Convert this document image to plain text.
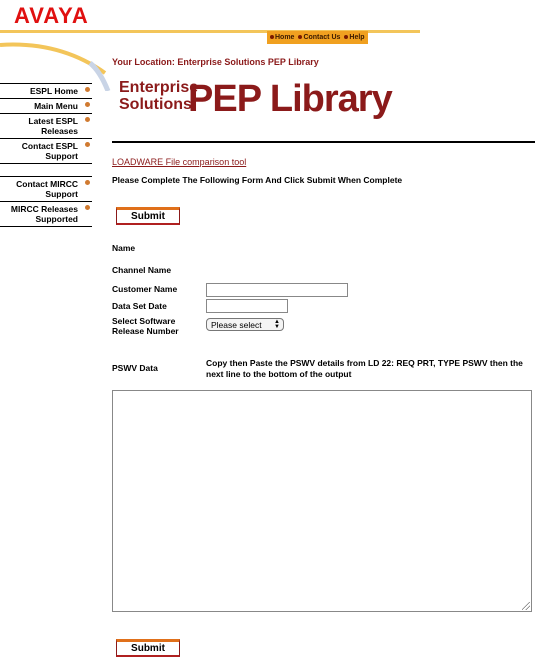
AVAYA
Home	Contact Us	Help
Your Location: Enterprise Solutions PEP Library
Enterprise
Solutions
PEP Library
ESPL Home
Main Menu
Latest ESPL Releases
Contact ESPL Support
Contact MIRCC Support
MIRCC Releases Supported
LOADWARE File comparison tool
Please Complete The Following Form And Click Submit When Complete
Submit
Name
Channel Name
Customer Name
Data Set Date
Select Software Release Number
Please select ▲
▼
PSWV Data	Copy then Paste the PSWV details from LD 22: REQ PRT, TYPE PSWV then the next line to the bottom of the output
Submit
